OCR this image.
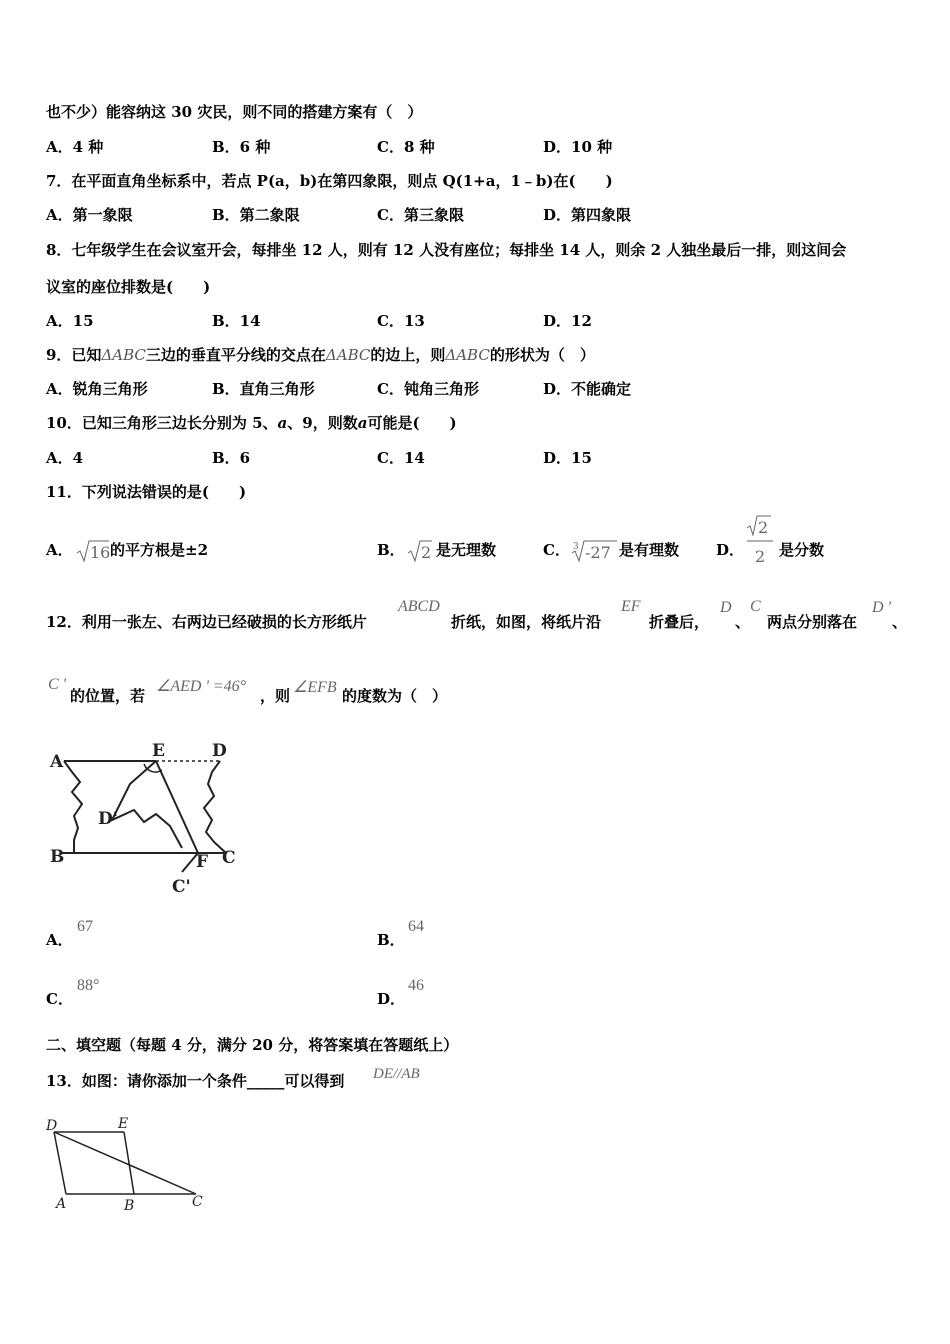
也不少）能容纳这 30 灾民，则不同的搭建方案有（　）
A．4 种	B．6 种	C．8 种	D．10 种
7．在平面直角坐标系中，若点 P(a，b)在第四象限，则点 Q(1+a，1﹣b)在(　　)
A．第一象限	B．第二象限	C．第三象限	D．第四象限
8．七年级学生在会议室开会，每排坐 12 人，则有 12 人没有座位；每排坐 14 人，则余 2 人独坐最后一排，则这间会
议室的座位排数是(　　)
A．15	B．14	C．13	D．12
9．已知ΔABC三边的垂直平分线的交点在ΔABC的边上，则ΔABC的形状为（　）
A．锐角三角形	B．直角三角形	C．钝角三角形	D．不能确定
10．已知三角形三边长分别为 5、a、9，则数a可能是(　　)
A．4	B．6	C．14	D．15
11．下列说法错误的是(　　)
A． 16 的平方根是±2	B． 2 是无理数	C． 3 -27 是有理数 D．
2
2 是分数
12．利用一张左、右两边已经破损的长方形纸片
ABCD
折纸，如图，将纸片沿
EF
折叠后，
D
、
C
两点分别落在
D '
、
C '
的位置，若
∠AED ' =46°
，则 ∠EFB 的度数为（　）
A
E	D
D'
B	F C
C'
A．
67
B．
64
C．
88°
D．
46
二、填空题（每题 4 分，满分 20 分，将答案填在答题纸上）
13．如图：请你添加一个条件_____可以得到 DE//AB
D	E
A	B	C
